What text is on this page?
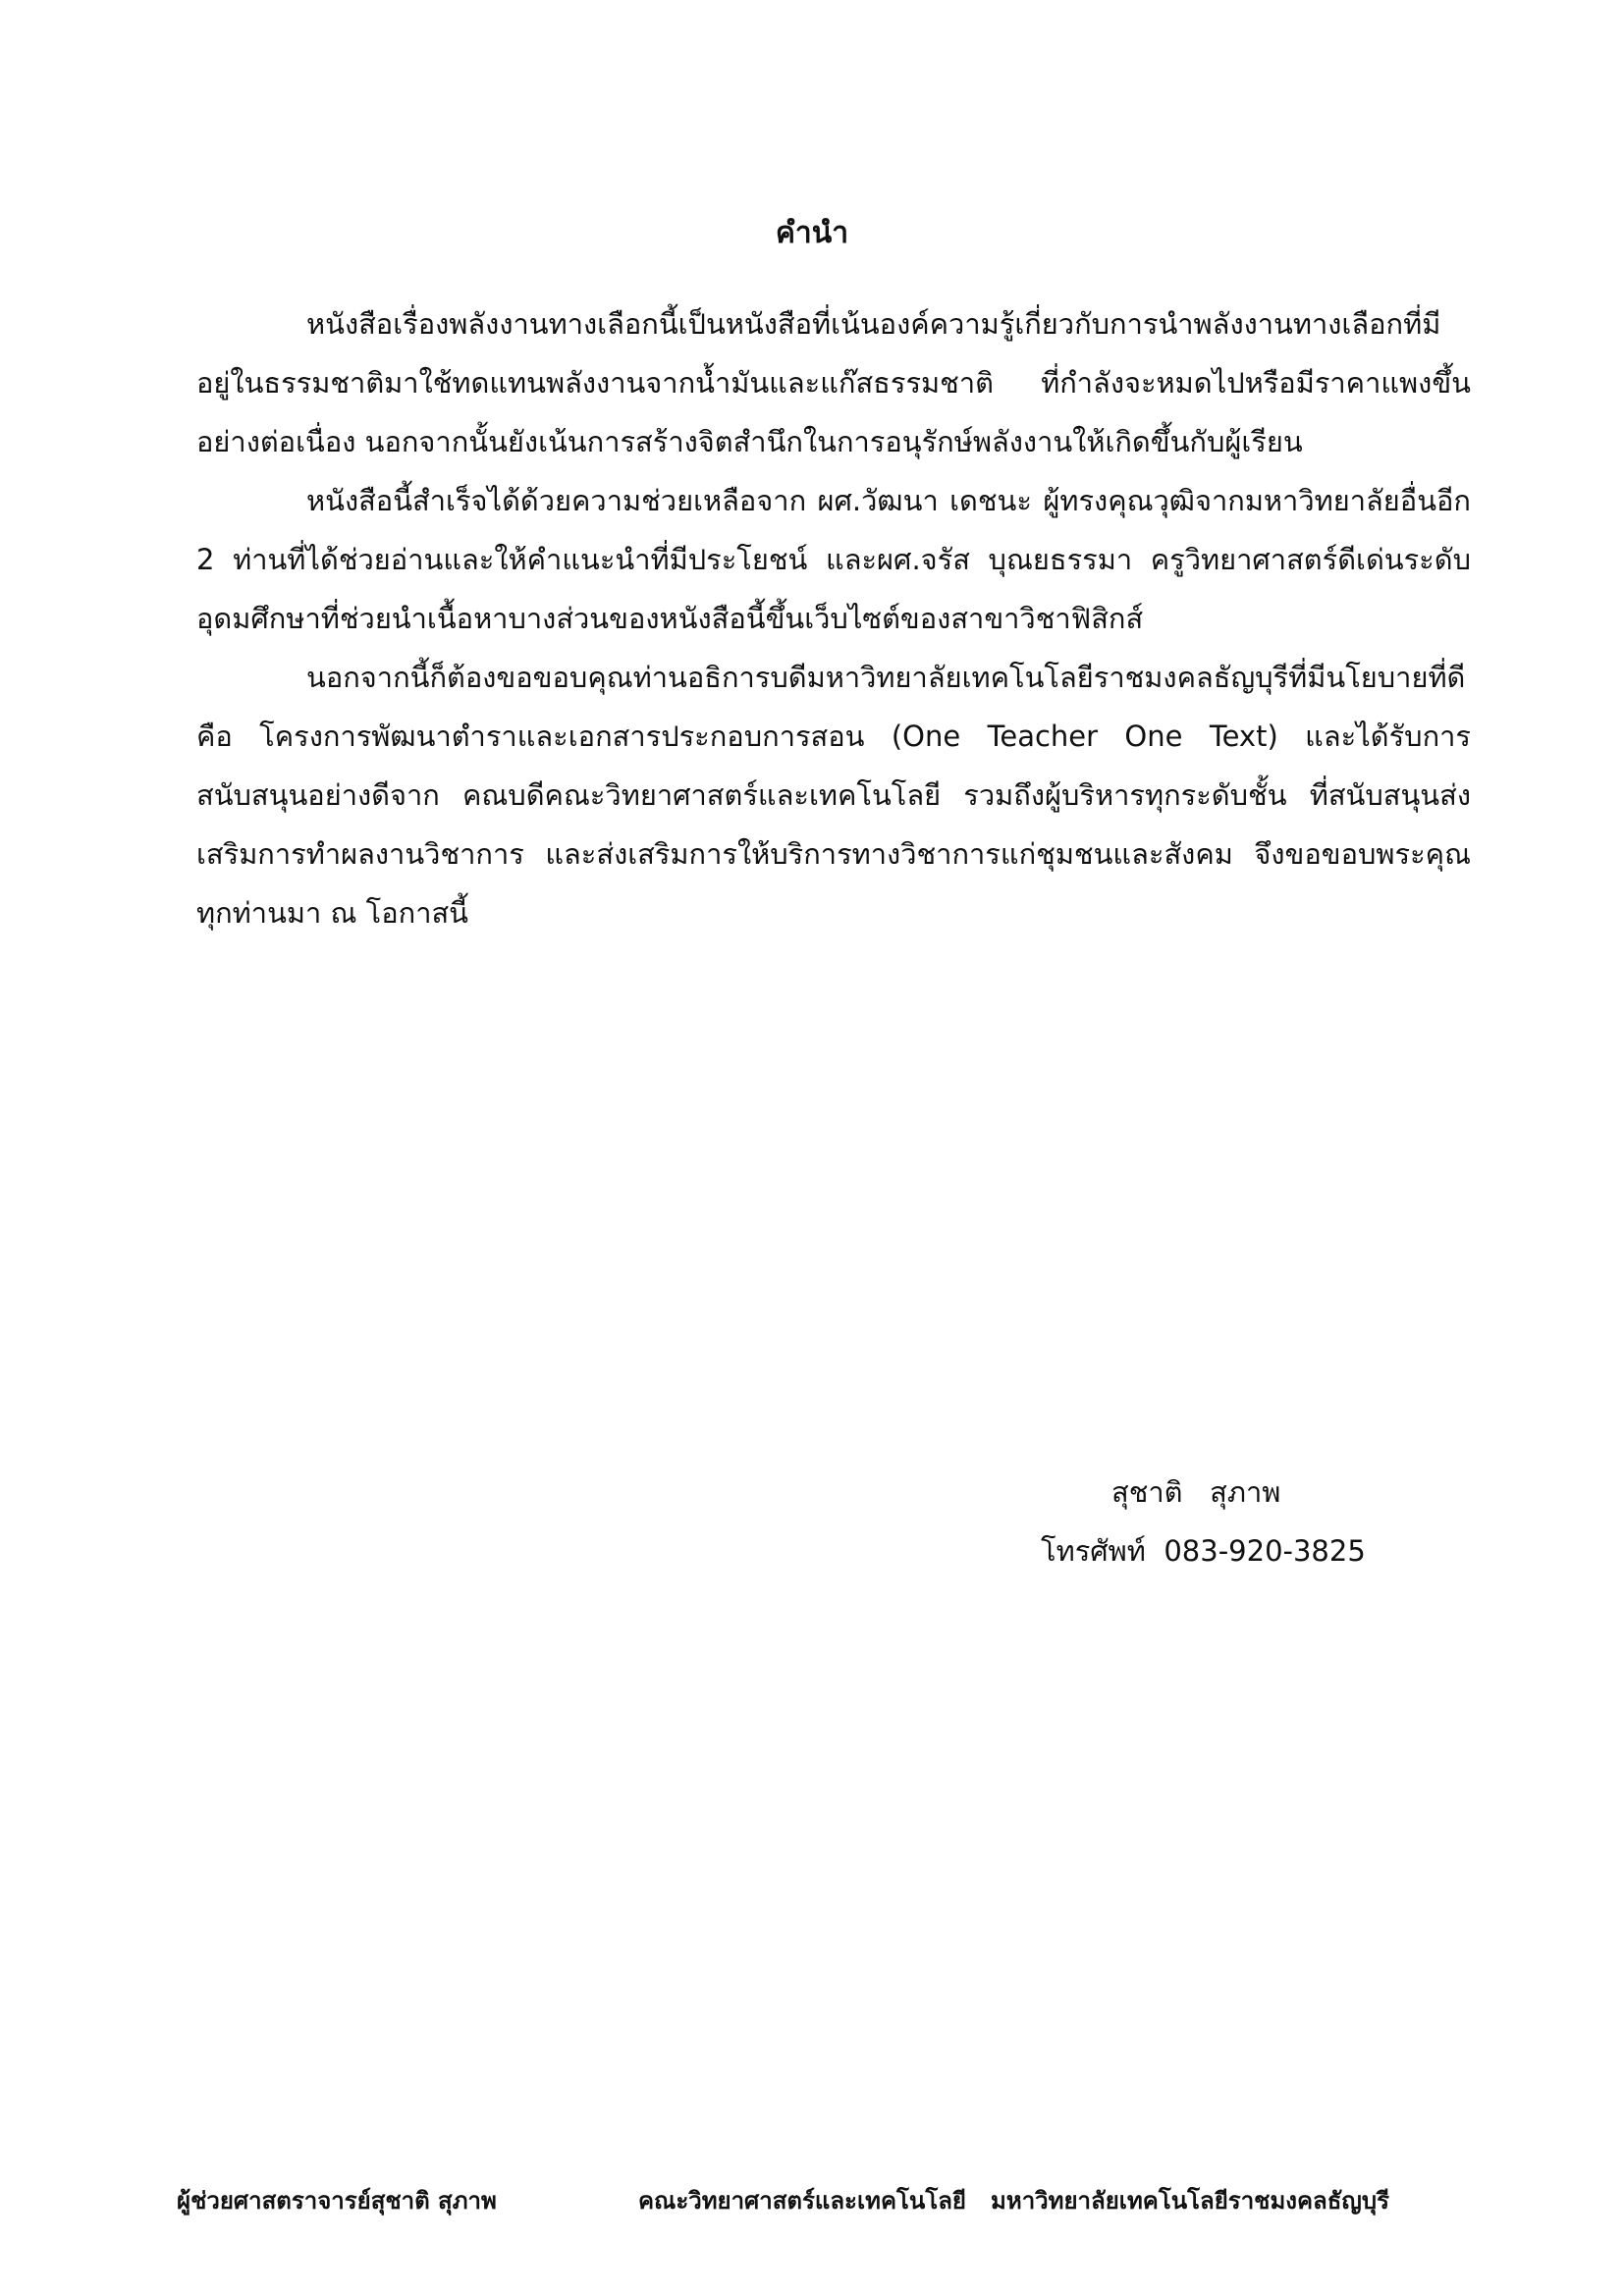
คำนำ

หนังสือเรื่องพลังงานทางเลือกนี้เป็นหนังสือที่เน้นองค์ความรู้เกี่ยวกับการนำพลังงานทางเลือกที่มีอยู่ในธรรมชาติมาใช้ทดแทนพลังงานจากน้ำมันและแก๊สธรรมชาติ ที่กำลังจะหมดไปหรือมีราคาแพงขึ้นอย่างต่อเนื่อง นอกจากนั้นยังเน้นการสร้างจิตสำนึกในการอนุรักษ์พลังงานให้เกิดขึ้นกับผู้เรียน

หนังสือนี้สำเร็จได้ด้วยความช่วยเหลือจาก ผศ.วัฒนา เดชนะ ผู้ทรงคุณวุฒิจากมหาวิทยาลัยอื่นอีก 2 ท่านที่ได้ช่วยอ่านและให้คำแนะนำที่มีประโยชน์ และผศ.จรัส บุณยธรรมา ครูวิทยาศาสตร์ดีเด่นระดับอุดมศึกษาที่ช่วยนำเนื้อหาบางส่วนของหนังสือนี้ขึ้นเว็บไซต์ของสาขาวิชาฟิสิกส์

นอกจากนี้ก็ต้องขอขอบคุณท่านอธิการบดีมหาวิทยาลัยเทคโนโลยีราชมงคลธัญบุรีที่มีนโยบายที่ดีคือ โครงการพัฒนาตำราและเอกสารประกอบการสอน (One Teacher One Text) และได้รับการสนับสนุนอย่างดีจาก คณบดีคณะวิทยาศาสตร์และเทคโนโลยี รวมถึงผู้บริหารทุกระดับชั้น ที่สนับสนุนส่งเสริมการทำผลงานวิชาการ และส่งเสริมการให้บริการทางวิชาการแก่ชุมชนและสังคม จึงขอขอบพระคุณทุกท่านมา ณ โอกาสนี้

สุชาติ   สุภาพ
โทรศัพท์  083-920-3825
ผู้ช่วยศาสตราจารย์สุชาติ สุภาพ	คณะวิทยาศาสตร์และเทคโนโลยี   มหาวิทยาลัยเทคโนโลยีราชมงคลธัญบุรี
